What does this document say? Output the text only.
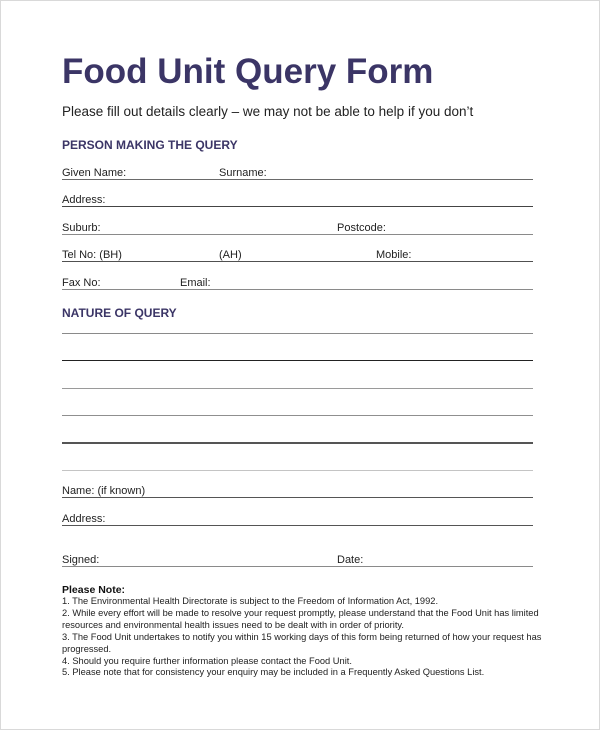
Food Unit Query Form
Please fill out details clearly – we may not be able to help if you don’t
PERSON MAKING THE QUERY
Given Name:	Surname:
Address:
Suburb:	Postcode:
Tel No: (BH)	(AH)	Mobile:
Fax No:	Email:
NATURE OF QUERY
Name: (if known)
Address:
Signed:	Date:
Please Note:
1. The Environmental Health Directorate is subject to the Freedom of Information Act, 1992.
2. While every effort will be made to resolve your request promptly, please understand that the Food Unit has limited resources and environmental health issues need to be dealt with in order of priority.
3. The Food Unit undertakes to notify you within 15 working days of this form being returned of how your request has progressed.
4. Should you require further information please contact the Food Unit.
5. Please note that for consistency your enquiry may be included in a Frequently Asked Questions List.
